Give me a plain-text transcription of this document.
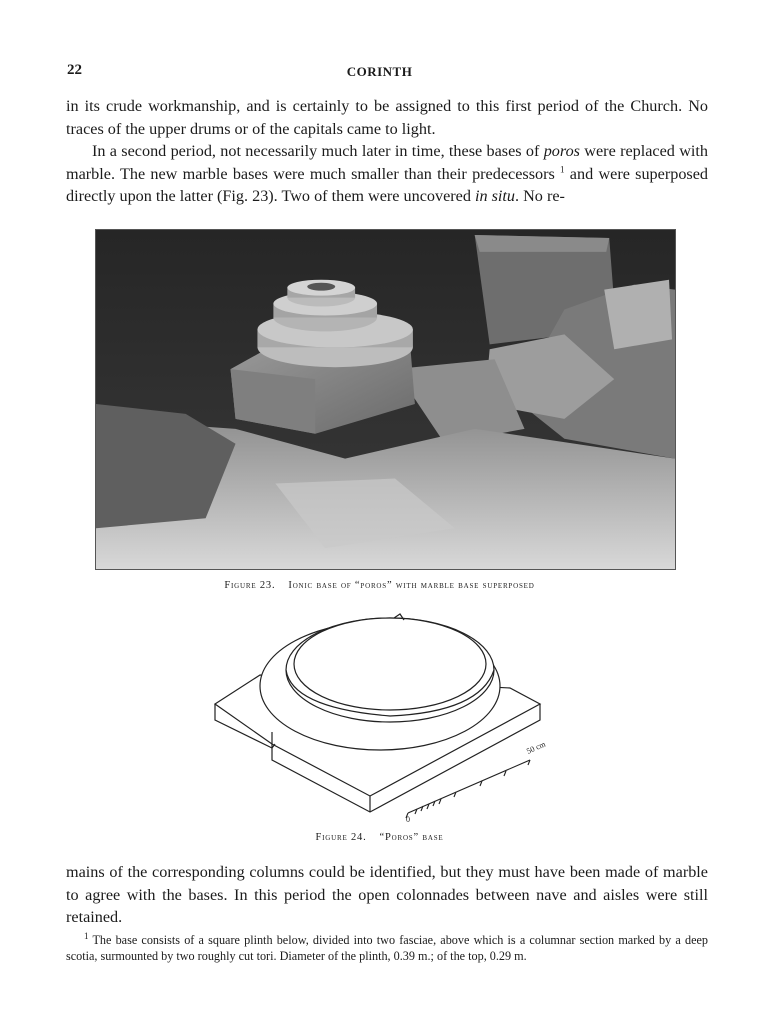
22	CORINTH

in its crude workmanship, and is certainly to be assigned to this first period of the Church. No traces of the upper drums or of the capitals came to light.

In a second period, not necessarily much later in time, these bases of poros were replaced with marble. The new marble bases were much smaller than their predecessors $^1$ and were superposed directly upon the latter (Fig. 23). Two of them were uncovered in situ. No re-

Figure 23. Ionic base of “poros” with marble base superposed
0
50 cm
Figure 24. “Poros” base

mains of the corresponding columns could be identified, but they must have been made of marble to agree with the bases. In this period the open colonnades between nave and aisles were still retained.

$^1$ The base consists of a square plinth below, divided into two fasciae, above which is a columnar section marked by a deep scotia, surmounted by two roughly cut tori. Diameter of the plinth, 0.39 m.; of the top, 0.29 m.
